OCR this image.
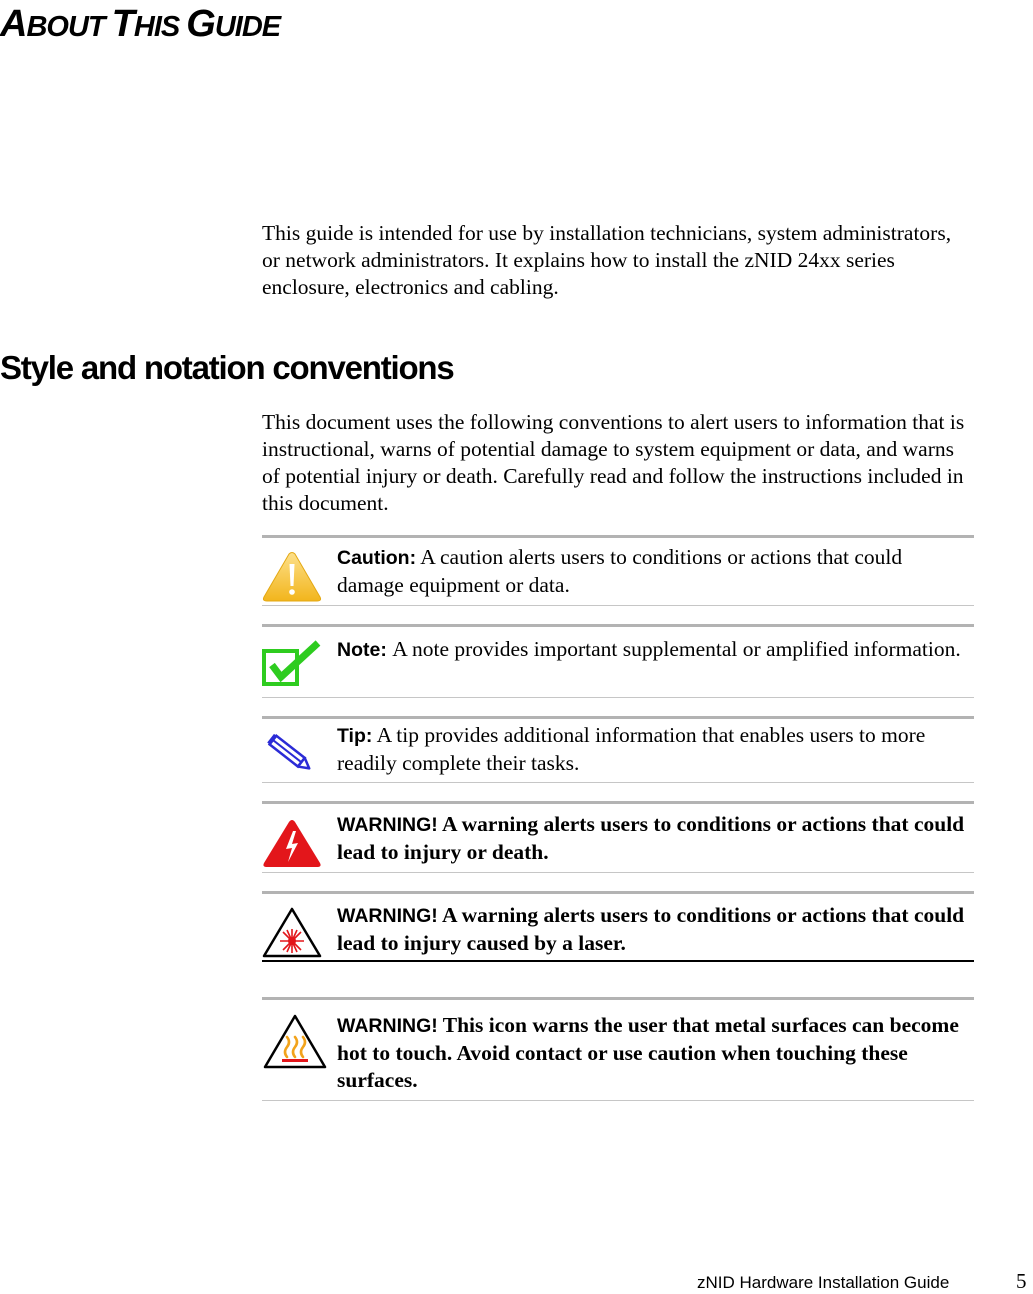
ABOUT THIS GUIDE

This guide is intended for use by installation technicians, system administrators, or network administrators. It explains how to install the zNID 24xx series enclosure, electronics and cabling.

Style and notation conventions

This document uses the following conventions to alert users to information that is instructional, warns of potential damage to system equipment or data, and warns of potential injury or death. Carefully read and follow the instructions included in this document.

Caution: A caution alerts users to conditions or actions that could damage equipment or data.
Note: A note provides important supplemental or amplified information.
Tip: A tip provides additional information that enables users to more readily complete their tasks.
WARNING! A warning alerts users to conditions or actions that could lead to injury or death.
WARNING! A warning alerts users to conditions or actions that could lead to injury caused by a laser.
WARNING! This icon warns the user that metal surfaces can become hot to touch. Avoid contact or use caution when touching these surfaces.
zNID Hardware Installation Guide	5
